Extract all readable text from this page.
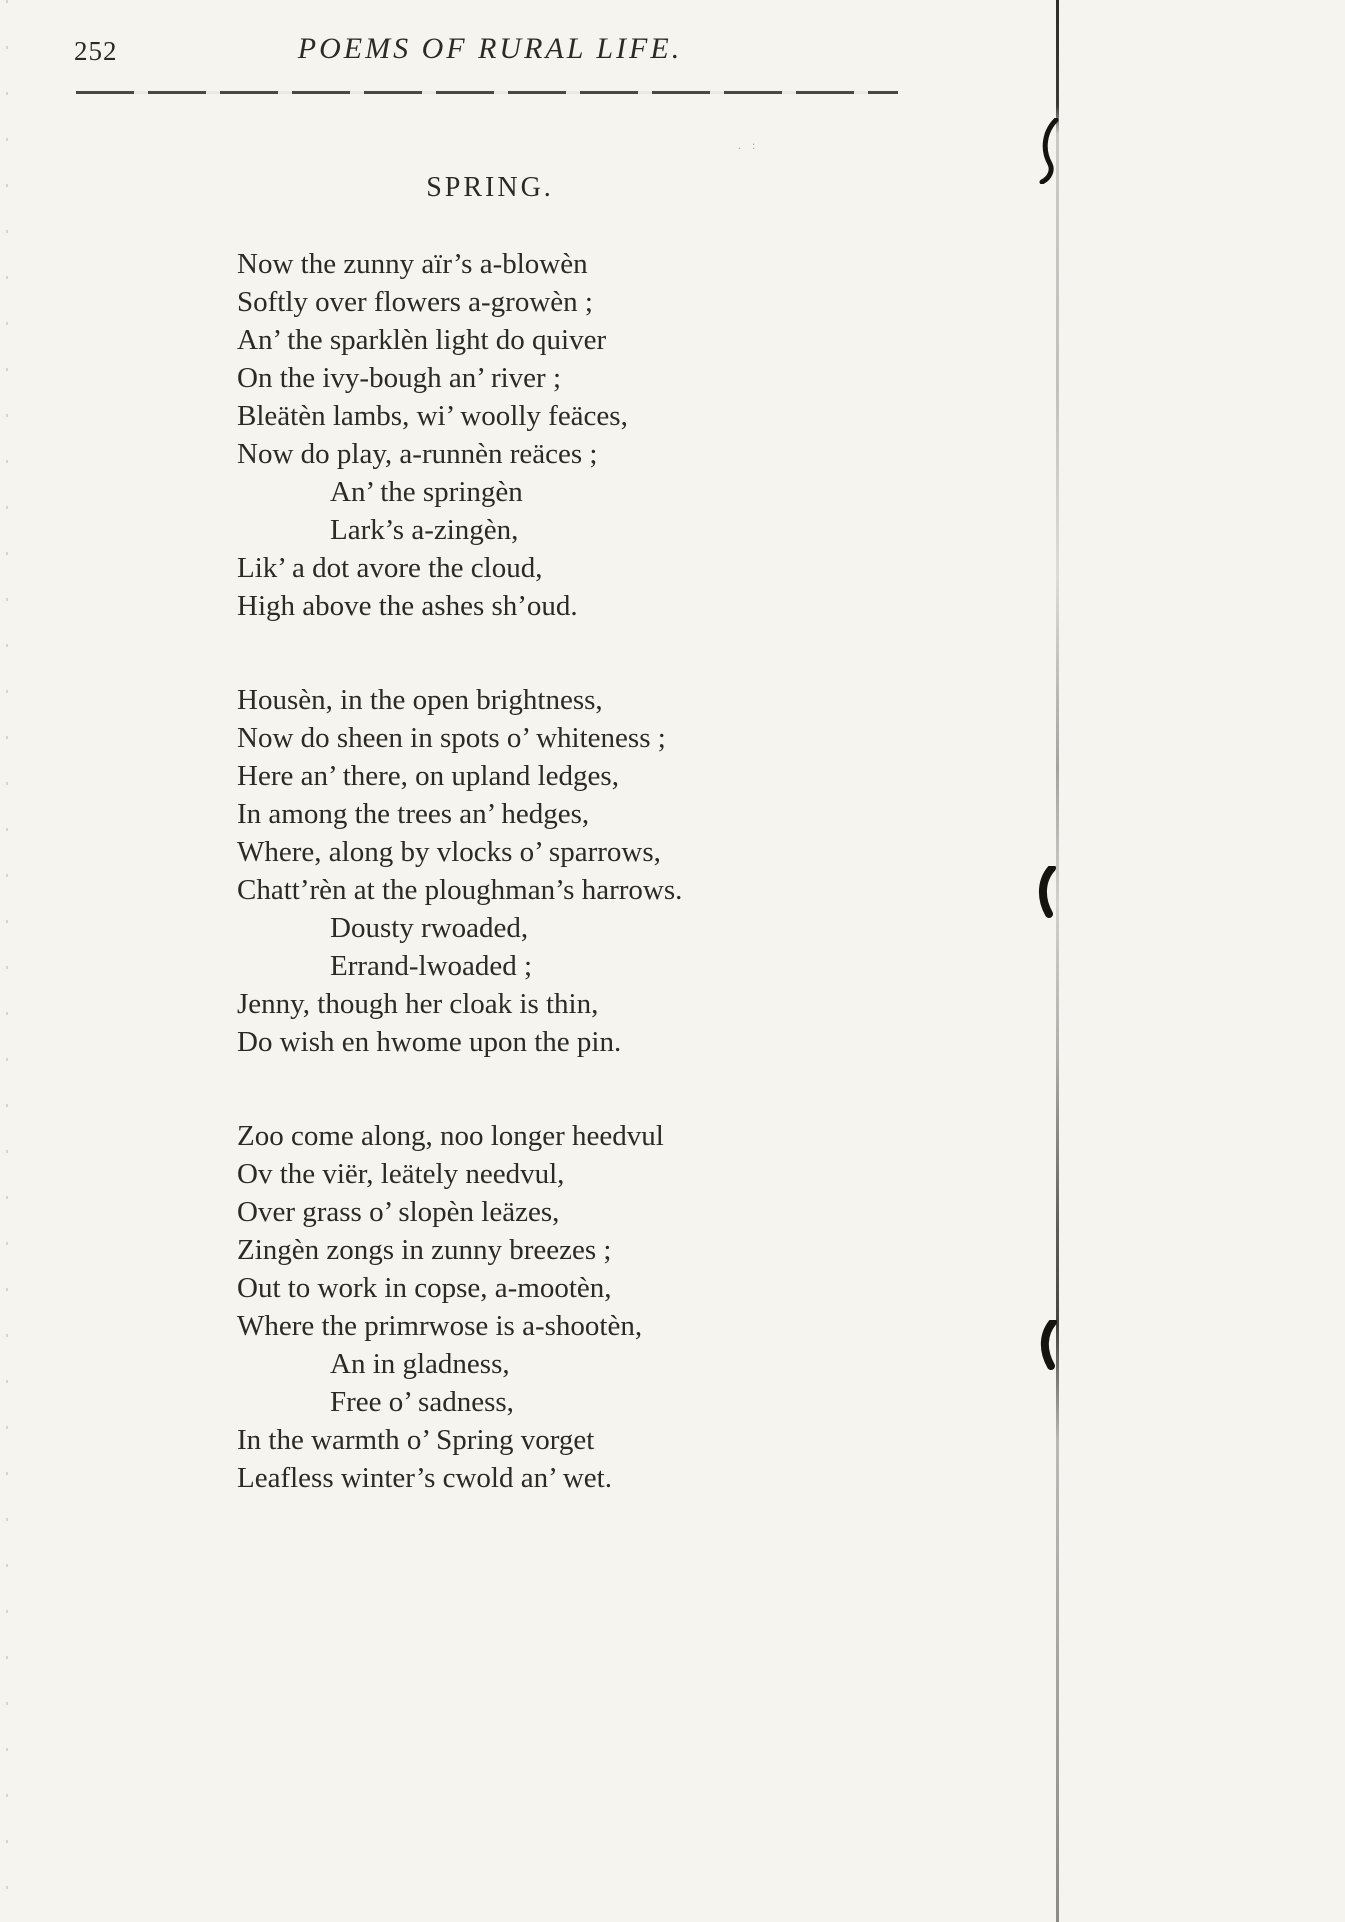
252	POEMS OF RURAL LIFE.
. :
SPRING.
Now the zunny aïr’s a-blowèn
Softly over flowers a-growèn ;
An’ the sparklèn light do quiver
On the ivy-bough an’ river ;
Bleätèn lambs, wi’ woolly feäces,
Now do play, a-runnèn reäces ;
An’ the springèn
Lark’s a-zingèn,
Lik’ a dot avore the cloud,
High above the ashes sh’oud.
Housèn, in the open brightness,
Now do sheen in spots o’ whiteness ;
Here an’ there, on upland ledges,
In among the trees an’ hedges,
Where, along by vlocks o’ sparrows,
Chatt’rèn at the ploughman’s harrows.
Dousty rwoaded,
Errand-lwoaded ;
Jenny, though her cloak is thin,
Do wish en hwome upon the pin.
Zoo come along, noo longer heedvul
Ov the viër, leätely needvul,
Over grass o’ slopèn leäzes,
Zingèn zongs in zunny breezes ;
Out to work in copse, a-mootèn,
Where the primrwose is a-shootèn,
An in gladness,
Free o’ sadness,
In the warmth o’ Spring vorget
Leafless winter’s cwold an’ wet.
